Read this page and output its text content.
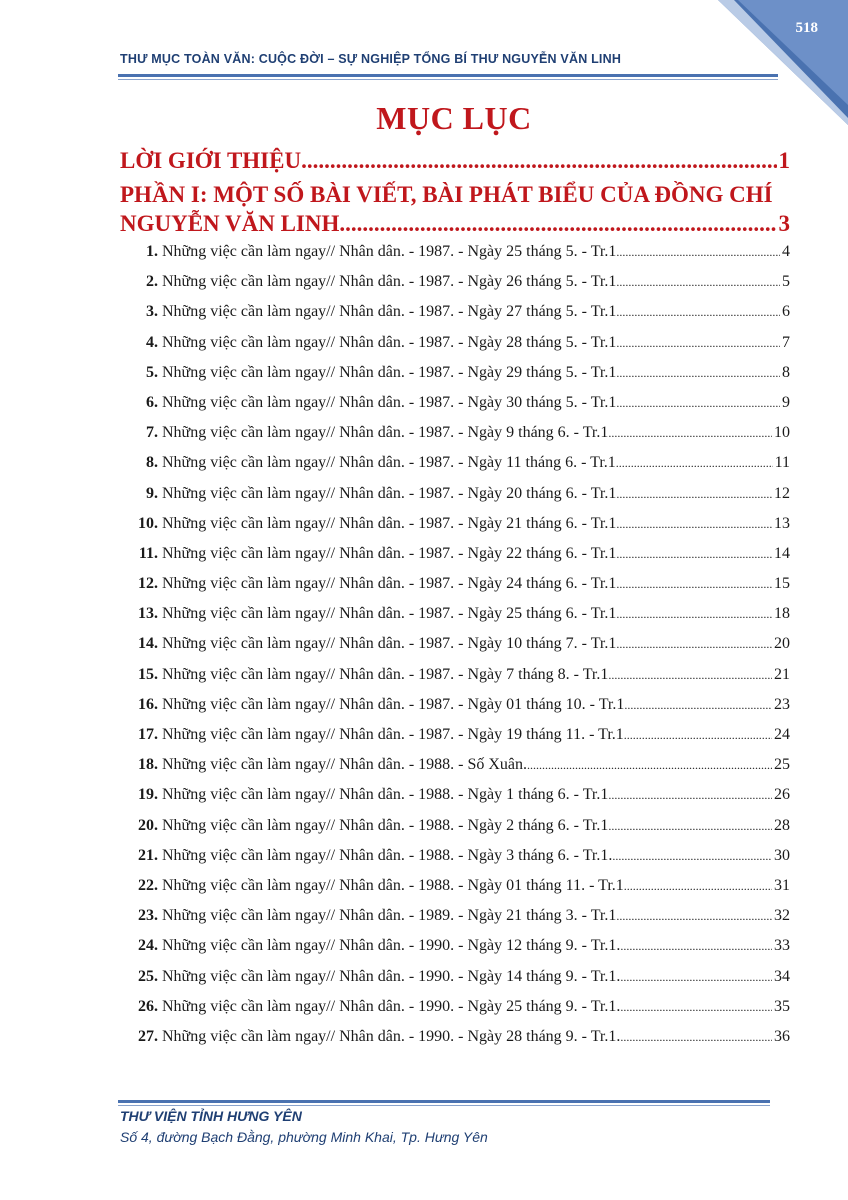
518
THƯ MỤC TOÀN VĂN: CUỘC ĐỜI – SỰ NGHIỆP TỔNG BÍ THƯ NGUYỄN VĂN LINH
MỤC LỤC
LỜI GIỚI THIỆU .....	1
PHẦN I: MỘT SỐ BÀI VIẾT, BÀI PHÁT BIỂU CỦA ĐỒNG CHÍ
NGUYỄN VĂN LINH .....	3
1. Những việc cần làm ngay// Nhân dân. - 1987. - Ngày 25 tháng 5. - Tr.1 .....	4
2. Những việc cần làm ngay// Nhân dân. - 1987. - Ngày 26 tháng 5. - Tr.1 .....	5
3. Những việc cần làm ngay// Nhân dân. - 1987. - Ngày 27 tháng 5. - Tr.1 .....	6
4. Những việc cần làm ngay// Nhân dân. - 1987. - Ngày 28 tháng 5. - Tr.1 .....	7
5. Những việc cần làm ngay// Nhân dân. - 1987. - Ngày 29 tháng 5. - Tr.1 .....	8
6. Những việc cần làm ngay// Nhân dân. - 1987. - Ngày 30 tháng 5. - Tr.1 .....	9
7. Những việc cần làm ngay// Nhân dân. - 1987. - Ngày 9 tháng 6. - Tr.1 .....	10
8. Những việc cần làm ngay// Nhân dân. - 1987. - Ngày 11 tháng 6. - Tr.1 .....	11
9. Những việc cần làm ngay// Nhân dân. - 1987. - Ngày 20 tháng 6. - Tr.1 .....	12
10. Những việc cần làm ngay// Nhân dân. - 1987. - Ngày 21 tháng 6. - Tr.1 .....	13
11. Những việc cần làm ngay// Nhân dân. - 1987. - Ngày 22 tháng 6. - Tr.1 .....	14
12. Những việc cần làm ngay// Nhân dân. - 1987. - Ngày 24 tháng 6. - Tr.1 .....	15
13. Những việc cần làm ngay// Nhân dân. - 1987. - Ngày 25 tháng 6. - Tr.1 .....	18
14. Những việc cần làm ngay// Nhân dân. - 1987. - Ngày 10 tháng 7. - Tr.1 .....	20
15. Những việc cần làm ngay// Nhân dân. - 1987. - Ngày 7 tháng 8. - Tr.1 .....	21
16. Những việc cần làm ngay// Nhân dân. - 1987. - Ngày 01 tháng 10. - Tr.1 .....	23
17. Những việc cần làm ngay// Nhân dân. - 1987. - Ngày 19 tháng 11. - Tr.1 .....	24
18. Những việc cần làm ngay// Nhân dân. - 1988. - Số Xuân. .....	25
19. Những việc cần làm ngay// Nhân dân. - 1988. - Ngày 1 tháng 6. - Tr.1 .....	26
20. Những việc cần làm ngay// Nhân dân. - 1988. - Ngày 2 tháng 6. - Tr.1 .....	28
21. Những việc cần làm ngay// Nhân dân. - 1988. - Ngày 3 tháng 6. - Tr.1. .....	30
22. Những việc cần làm ngay// Nhân dân. - 1988. - Ngày 01 tháng 11. - Tr.1 .....	31
23. Những việc cần làm ngay// Nhân dân. - 1989. - Ngày 21 tháng 3. - Tr.1 .....	32
24. Những việc cần làm ngay// Nhân dân. - 1990. - Ngày 12 tháng 9. - Tr.1. .....	33
25. Những việc cần làm ngay// Nhân dân. - 1990. - Ngày 14 tháng 9. - Tr.1. .....	34
26. Những việc cần làm ngay// Nhân dân. - 1990. - Ngày 25 tháng 9. - Tr.1. .....	35
27. Những việc cần làm ngay// Nhân dân. - 1990. - Ngày 28 tháng 9. - Tr.1. .....	36
THƯ VIỆN TỈNH HƯNG YÊN
Số 4, đường Bạch Đằng, phường Minh Khai, Tp. Hưng Yên
